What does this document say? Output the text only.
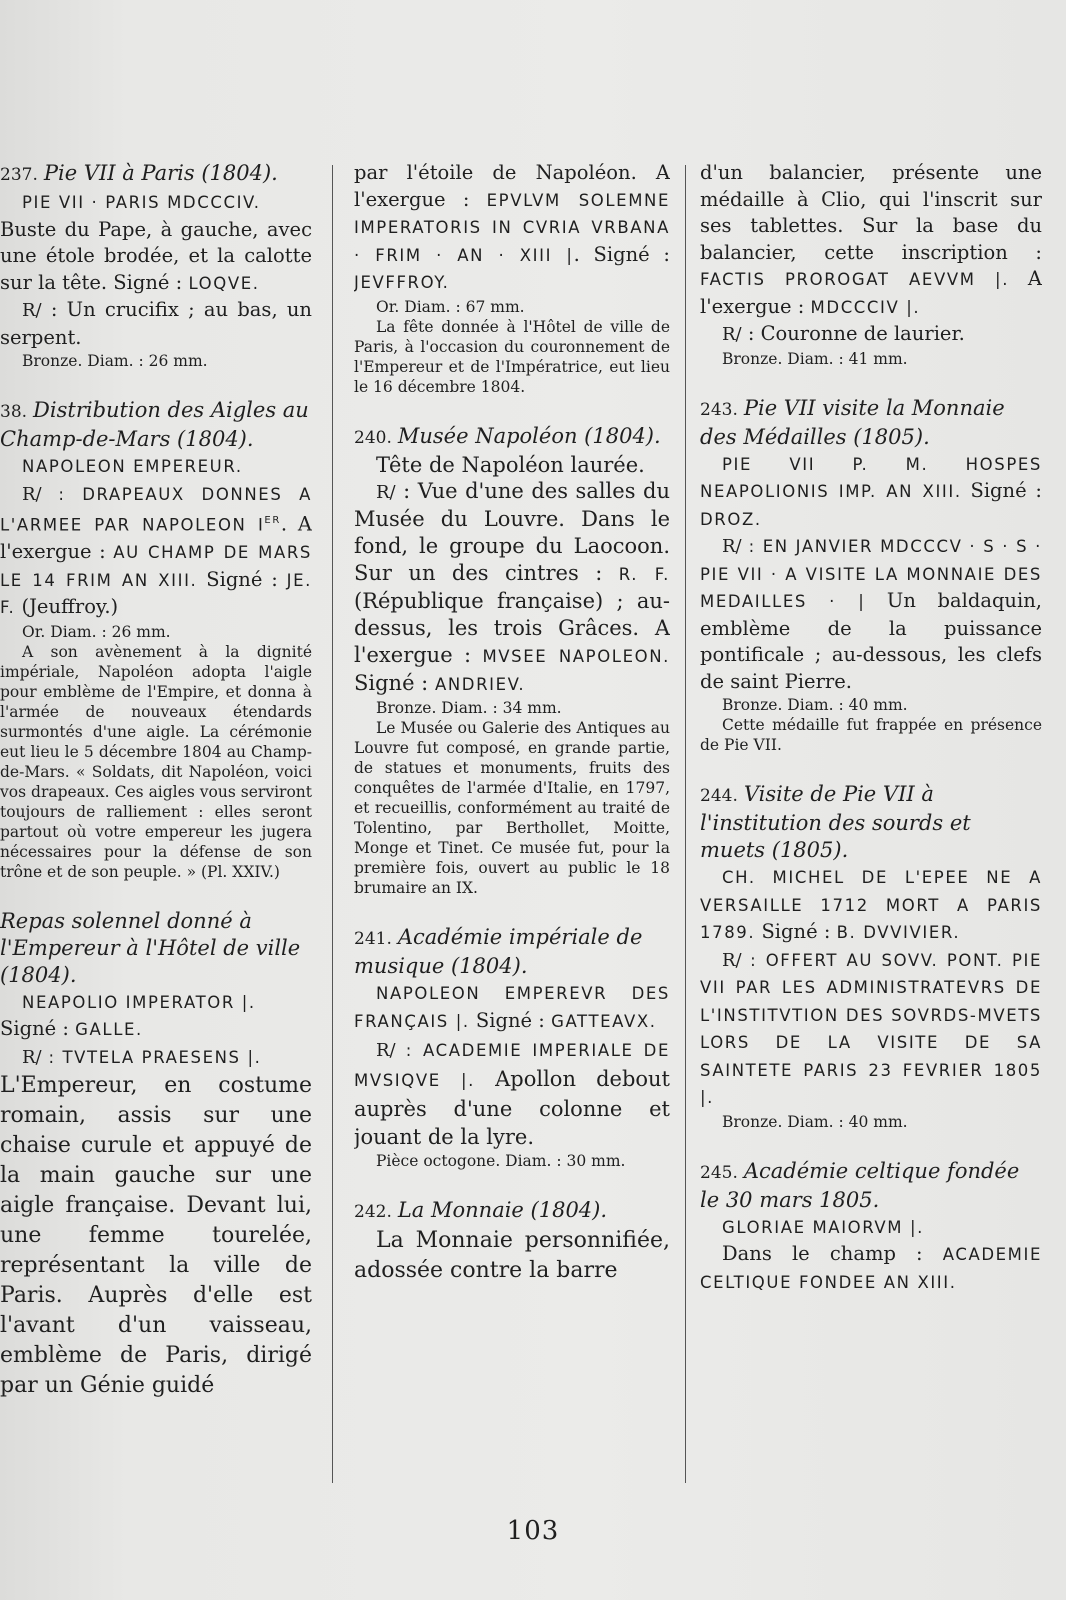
237. Pie VII à Paris (1804).

PIE VII · PARIS MDCCCIV.

Buste du Pape, à gauche, avec une étole brodée, et la calotte sur la tête. Signé : LOQVE.

R/ : Un crucifix ; au bas, un serpent.

Bronze. Diam. : 26 mm.
38. Distribution des Aigles au Champ-de-Mars (1804).

NAPOLEON EMPEREUR.

R/ : DRAPEAUX DONNES A L'ARMEE PAR NAPOLEON IER. A l'exergue : AU CHAMP DE MARS LE 14 FRIM AN XIII. Signé : JE. F. (Jeuffroy.)

Or. Diam. : 26 mm.
A son avènement à la dignité impériale, Napoléon adopta l'aigle pour emblème de l'Empire, et donna à l'armée de nouveaux étendards surmontés d'une aigle. La cérémonie eut lieu le 5 décembre 1804 au Champ-de-Mars. « Soldats, dit Napoléon, voici vos drapeaux. Ces aigles vous serviront toujours de ralliement : elles seront partout où votre empereur les jugera nécessaires pour la défense de son trône et de son peuple. » (Pl. XXIV.)
Repas solennel donné à l'Empereur à l'Hôtel de ville (1804).

NEAPOLIO IMPERATOR |.

Signé : GALLE.

R/ : TVTELA PRAESENS |.

L'Empereur, en costume romain, assis sur une chaise curule et appuyé de la main gauche sur une aigle française. Devant lui, une femme tourelée, représentant la ville de Paris. Auprès d'elle est l'avant d'un vaisseau, emblème de Paris, dirigé par un Génie guidé

par l'étoile de Napoléon. A l'exergue : EPVLVM SOLEMNE IMPERATORIS IN CVRIA VRBANA · FRIM · AN · XIII |. Signé : JEVFFROY.

Or. Diam. : 67 mm.
La fête donnée à l'Hôtel de ville de Paris, à l'occasion du couronnement de l'Empereur et de l'Impératrice, eut lieu le 16 décembre 1804.
240. Musée Napoléon (1804).

Tête de Napoléon laurée.

R/ : Vue d'une des salles du Musée du Louvre. Dans le fond, le groupe du Laocoon. Sur un des cintres : R. F. (République française) ; au-dessus, les trois Grâces. A l'exergue : MVSEE NAPOLEON. Signé : ANDRIEV.

Bronze. Diam. : 34 mm.
Le Musée ou Galerie des Antiques au Louvre fut composé, en grande partie, de statues et monuments, fruits des conquêtes de l'armée d'Italie, en 1797, et recueillis, conformément au traité de Tolentino, par Berthollet, Moitte, Monge et Tinet. Ce musée fut, pour la première fois, ouvert au public le 18 brumaire an IX.
241. Académie impériale de musique (1804).

NAPOLEON EMPEREVR DES FRANÇAIS |. Signé : GATTEAVX.

R/ : ACADEMIE IMPERIALE DE MVSIQVE |. Apollon debout auprès d'une colonne et jouant de la lyre.

Pièce octogone. Diam. : 30 mm.
242. La Monnaie (1804).

La Monnaie personnifiée, adossée contre la barre

d'un balancier, présente une médaille à Clio, qui l'inscrit sur ses tablettes. Sur la base du balancier, cette inscription : FACTIS PROROGAT AEVVM |. A l'exergue : MDCCCIV |.

R/ : Couronne de laurier.

Bronze. Diam. : 41 mm.
243. Pie VII visite la Monnaie des Médailles (1805).

PIE VII P. M. HOSPES NEAPOLIONIS IMP. AN XIII. Signé : DROZ.

R/ : EN JANVIER MDCCCV · S · S · PIE VII · A VISITE LA MONNAIE DES MEDAILLES · | Un baldaquin, emblème de la puissance pontificale ; au-dessous, les clefs de saint Pierre.

Bronze. Diam. : 40 mm.
Cette médaille fut frappée en présence de Pie VII.
244. Visite de Pie VII à l'institution des sourds et muets (1805).

CH. MICHEL DE L'EPEE NE A VERSAILLE 1712 MORT A PARIS 1789. Signé : B. DVVIVIER.

R/ : OFFERT AU SOVV. PONT. PIE VII PAR LES ADMINISTRATEVRS DE L'INSTITVTION DES SOVRDS-MVETS LORS DE LA VISITE DE SA SAINTETE PARIS 23 FEVRIER 1805 |.

Bronze. Diam. : 40 mm.
245. Académie celtique fondée le 30 mars 1805.

GLORIAE MAIORVM |.

Dans le champ : ACADEMIE CELTIQUE FONDEE AN XIII.

103
